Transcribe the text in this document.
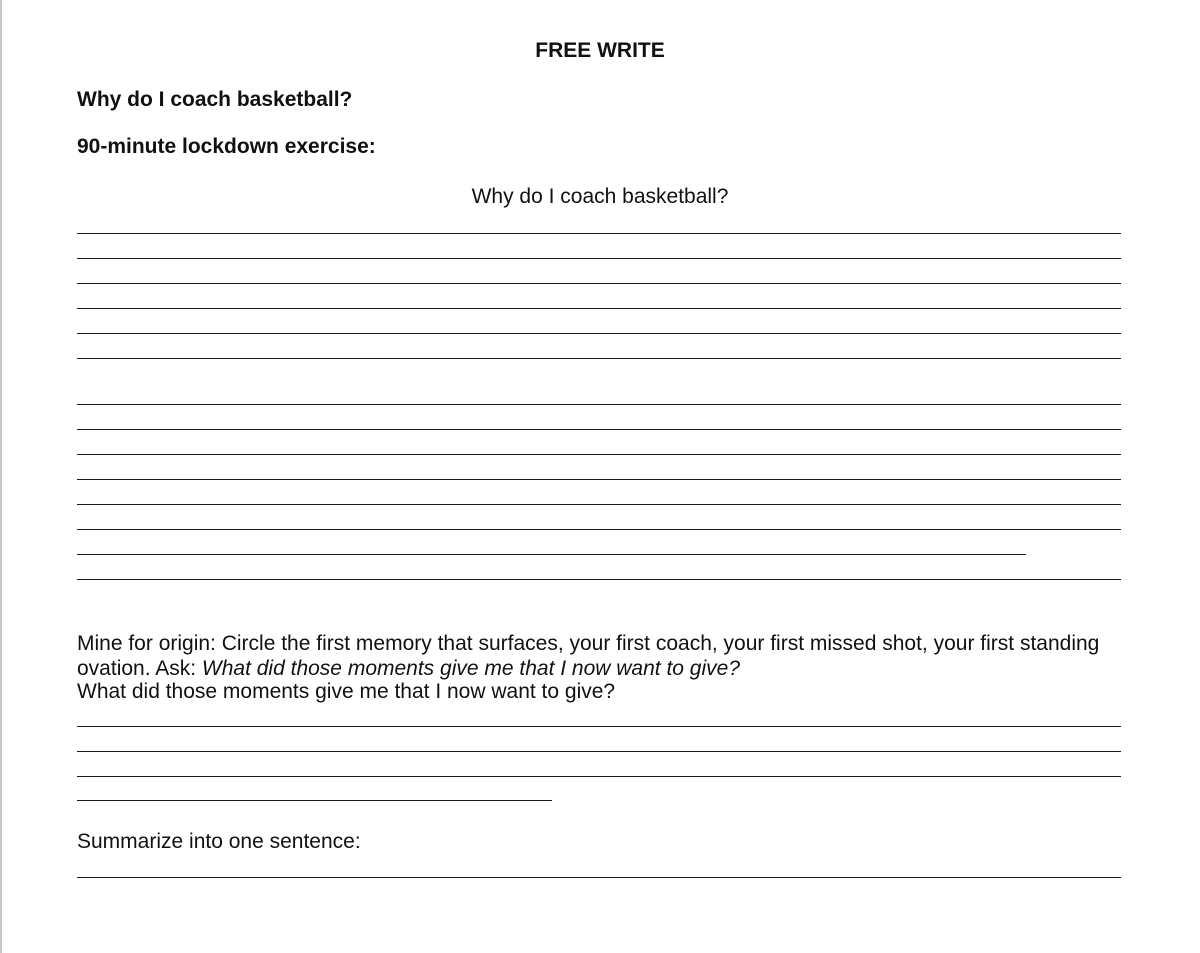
FREE WRITE
Why do I coach basketball?
90-minute lockdown exercise:
Why do I coach basketball?
Mine for origin: Circle the first memory that surfaces, your first coach, your first missed shot, your first standing
ovation. Ask: What did those moments give me that I now want to give?
What did those moments give me that I now want to give?
Summarize into one sentence:
